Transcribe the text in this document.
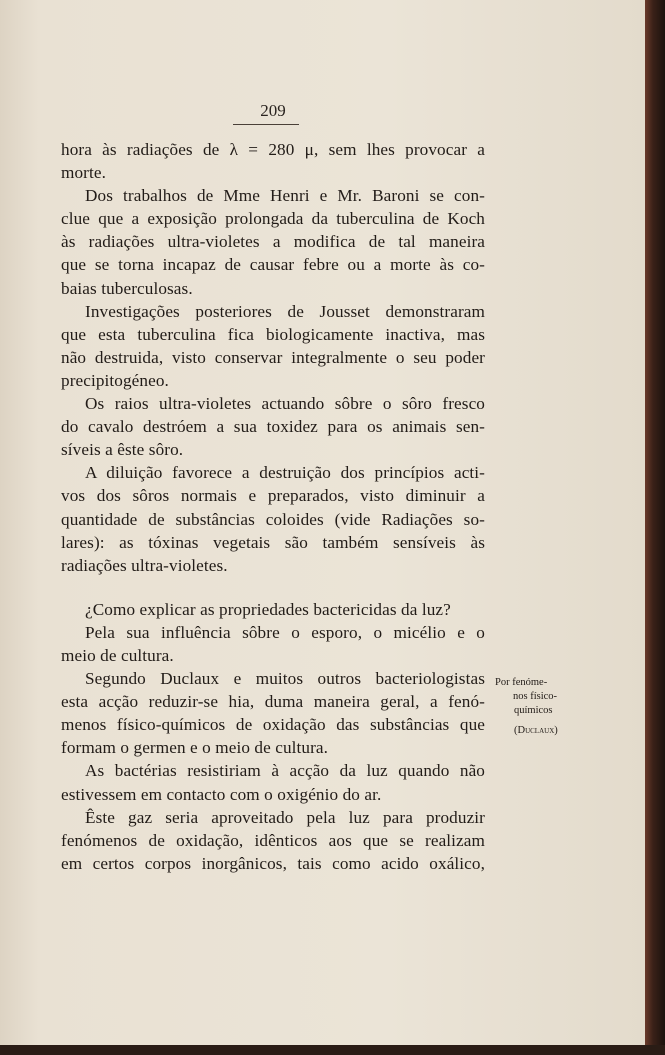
209
hora às radiações de λ = 280 μ, sem lhes provocar a
morte.
Dos trabalhos de Mme Henri e Mr. Baroni se con-
clue que a exposição prolongada da tuberculina de Koch
às radiações ultra-violetes a modifica de tal maneira
que se torna incapaz de causar febre ou a morte às co-
baias tuberculosas.
Investigações posteriores de Jousset demonstraram
que esta tuberculina fica biologicamente inactiva, mas
não destruida, visto conservar integralmente o seu poder
precipitogéneo.
Os raios ultra-violetes actuando sôbre o sôro fresco
do cavalo destróem a sua toxidez para os animais sen-
síveis a êste sôro.
A diluição favorece a destruição dos princípios acti-
vos dos sôros normais e preparados, visto diminuir a
quantidade de substâncias coloides (vide Radiações so-
lares): as tóxinas vegetais são também sensíveis às
radiações ultra-violetes.
¿Como explicar as propriedades bactericidas da luz?
Pela sua influência sôbre o esporo, o micélio e o
meio de cultura.
Segundo Duclaux e muitos outros bacteriologistas
esta acção reduzir-se hia, duma maneira geral, a fenó-
menos físico-químicos de oxidação das substâncias que
formam o germen e o meio de cultura.
As bactérias resistiriam à acção da luz quando não
estivessem em contacto com o oxigénio do ar.
Êste gaz seria aproveitado pela luz para produzir
fenómenos de oxidação, idênticos aos que se realizam
em certos corpos inorgânicos, tais como acido oxálico,
Por fenóme-
nos físico-
químicos
(Duclaux)
